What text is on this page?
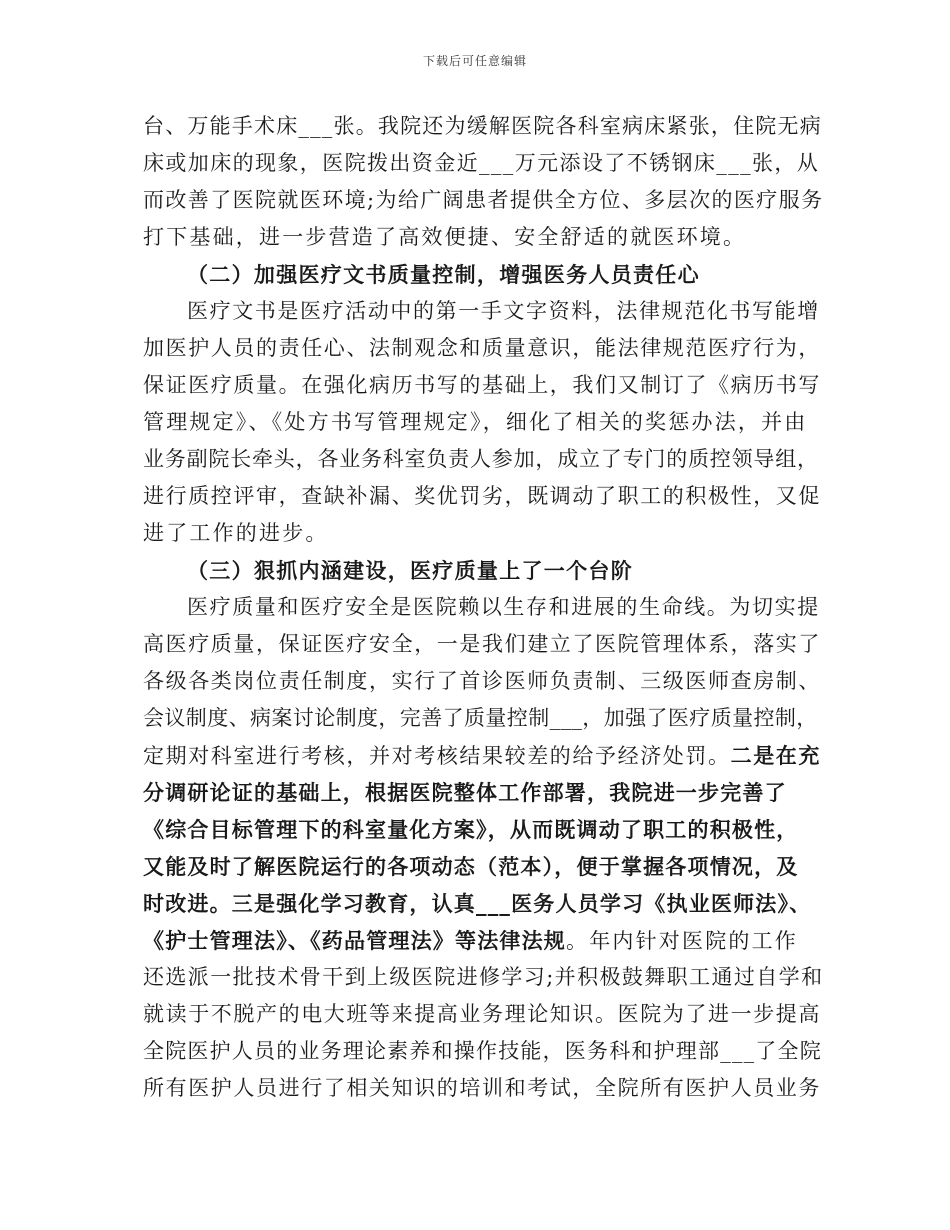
下载后可任意编辑
台、万能手术床___张。我院还为缓解医院各科室病床紧张，住院无病
床或加床的现象，医院拨出资金近___万元添设了不锈钢床___张，从
而改善了医院就医环境;为给广阔患者提供全方位、多层次的医疗服务
打下基础，进一步营造了高效便捷、安全舒适的就医环境。
（二）加强医疗文书质量控制，增强医务人员责任心
医疗文书是医疗活动中的第一手文字资料，法律规范化书写能增
加医护人员的责任心、法制观念和质量意识，能法律规范医疗行为，
保证医疗质量。在强化病历书写的基础上，我们又制订了《病历书写
管理规定》、《处方书写管理规定》，细化了相关的奖惩办法，并由
业务副院长牵头，各业务科室负责人参加，成立了专门的质控领导组，
进行质控评审，查缺补漏、奖优罚劣，既调动了职工的积极性，又促
进了工作的进步。
（三）狠抓内涵建设，医疗质量上了一个台阶
医疗质量和医疗安全是医院赖以生存和进展的生命线。为切实提
高医疗质量，保证医疗安全，一是我们建立了医院管理体系，落实了
各级各类岗位责任制度，实行了首诊医师负责制、三级医师查房制、
会议制度、病案讨论制度，完善了质量控制___，加强了医疗质量控制，
定期对科室进行考核，并对考核结果较差的给予经济处罚。二是在充
分调研论证的基础上，根据医院整体工作部署，我院进一步完善了
《综合目标管理下的科室量化方案》，从而既调动了职工的积极性，
又能及时了解医院运行的各项动态（范本），便于掌握各项情况，及
时改进。三是强化学习教育，认真___医务人员学习《执业医师法》、
《护士管理法》、《药品管理法》等法律法规。年内针对医院的工作
还选派一批技术骨干到上级医院进修学习;并积极鼓舞职工通过自学和
就读于不脱产的电大班等来提高业务理论知识。医院为了进一步提高
全院医护人员的业务理论素养和操作技能，医务科和护理部___了全院
所有医护人员进行了相关知识的培训和考试，全院所有医护人员业务
